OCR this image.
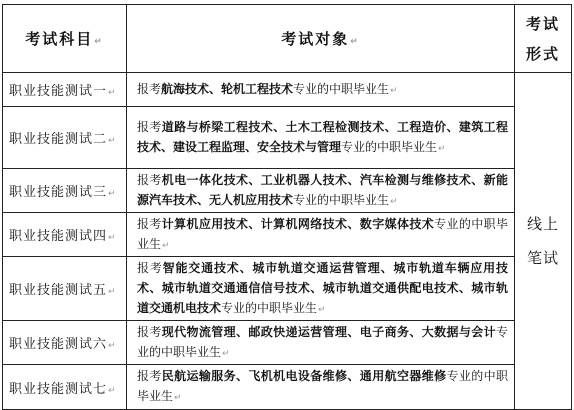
考试科目↵	考试对象↵	考试
形式

职业技能测试一↵	报考航海技术、轮机工程技术专业的中职毕业生↵	线上
笔试

职业技能测试二↵	报考道路与桥梁工程技术、土木工程检测技术、工程造价、建筑工程技术、建设工程监理、安全技术与管理专业的中职毕业生↵	
职业技能测试三↵	报考机电一体化技术、工业机器人技术、汽车检测与维修技术、新能源汽车技术、无人机应用技术专业的中职毕业生↵	
职业技能测试四↵	报考计算机应用技术、计算机网络技术、数字媒体技术专业的中职毕业生↵	
职业技能测试五↵	报考智能交通技术、城市轨道交通运营管理、城市轨道车辆应用技术、城市轨道交通通信信号技术、城市轨道交通供配电技术、城市轨道交通机电技术专业的中职毕业生↵	
职业技能测试六↵	报考现代物流管理、邮政快递运营管理、电子商务、大数据与会计专业的中职毕业生↵	
职业技能测试七↵	报考民航运输服务、飞机机电设备维修、通用航空器维修专业的中职毕业生↵	
